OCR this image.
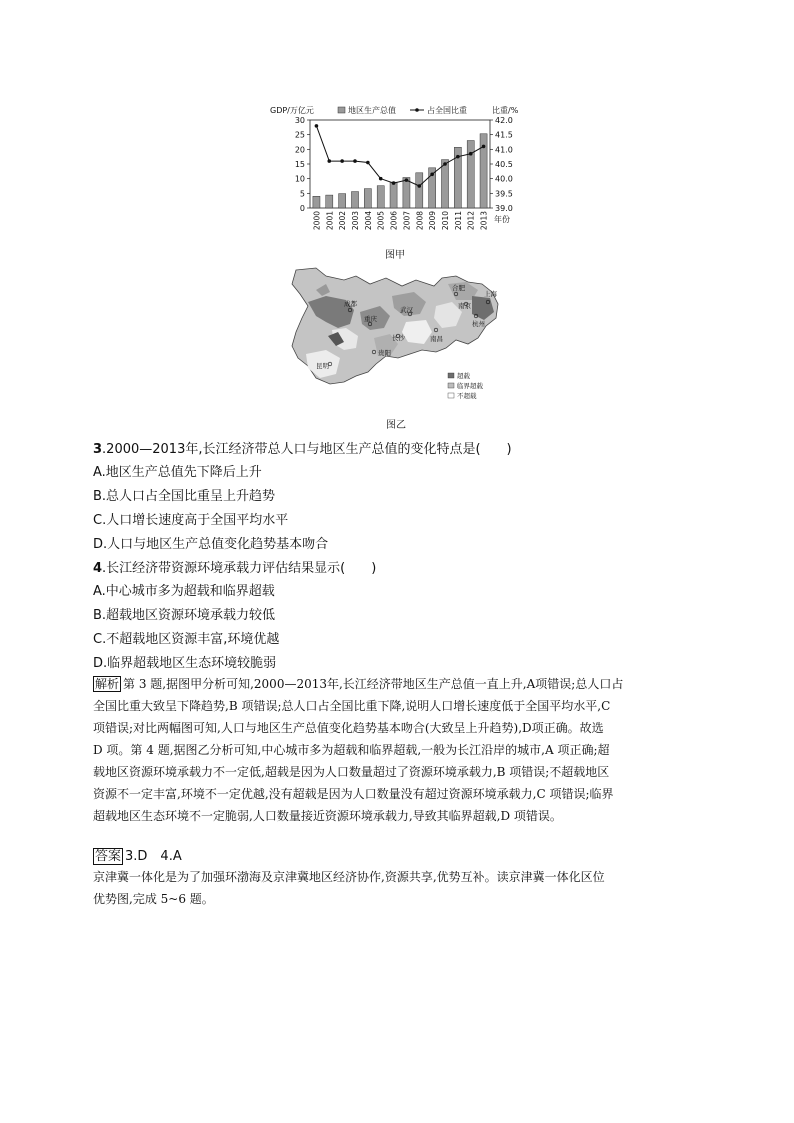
0
5
10
15
20
25
30
39.0
39.5
40.0
40.5
41.0
41.5
42.0
GDP/万亿元	比重/%
年份
2000 2001 2002 2003 2004 2005 2006 2007 2008 2009 2010 2011 2012 2013
地区生产总值	占全国比重
图甲
成都
重庆
贵阳
昆明
武汉
长沙	南昌
合肥
南京
上海
杭州
超载
临界超载
不超载
图乙
3.2000—2013年,长江经济带总人口与地区生产总值的变化特点是(　　)
A.地区生产总值先下降后上升
B.总人口占全国比重呈上升趋势
C.人口增长速度高于全国平均水平
D.人口与地区生产总值变化趋势基本吻合
4.长江经济带资源环境承载力评估结果显示(　　)
A.中心城市多为超载和临界超载
B.超载地区资源环境承载力较低
C.不超载地区资源丰富,环境优越
D.临界超载地区生态环境较脆弱
解析 第 3 题,据图甲分析可知,2000—2013年,长江经济带地区生产总值一直上升,A项错误;总人口占
全国比重大致呈下降趋势,B 项错误;总人口占全国比重下降,说明人口增长速度低于全国平均水平,C
项错误;对比两幅图可知,人口与地区生产总值变化趋势基本吻合(大致呈上升趋势),D项正确。故选
D 项。第 4 题,据图乙分析可知,中心城市多为超载和临界超载,一般为长江沿岸的城市,A 项正确;超
载地区资源环境承载力不一定低,超载是因为人口数量超过了资源环境承载力,B 项错误;不超载地区
资源不一定丰富,环境不一定优越,没有超载是因为人口数量没有超过资源环境承载力,C 项错误;临界
超载地区生态环境不一定脆弱,人口数量接近资源环境承载力,导致其临界超载,D 项错误。
答案 3.D　4.A
京津冀一体化是为了加强环渤海及京津冀地区经济协作,资源共享,优势互补。读京津冀一体化区位
优势图,完成 5~6 题。
